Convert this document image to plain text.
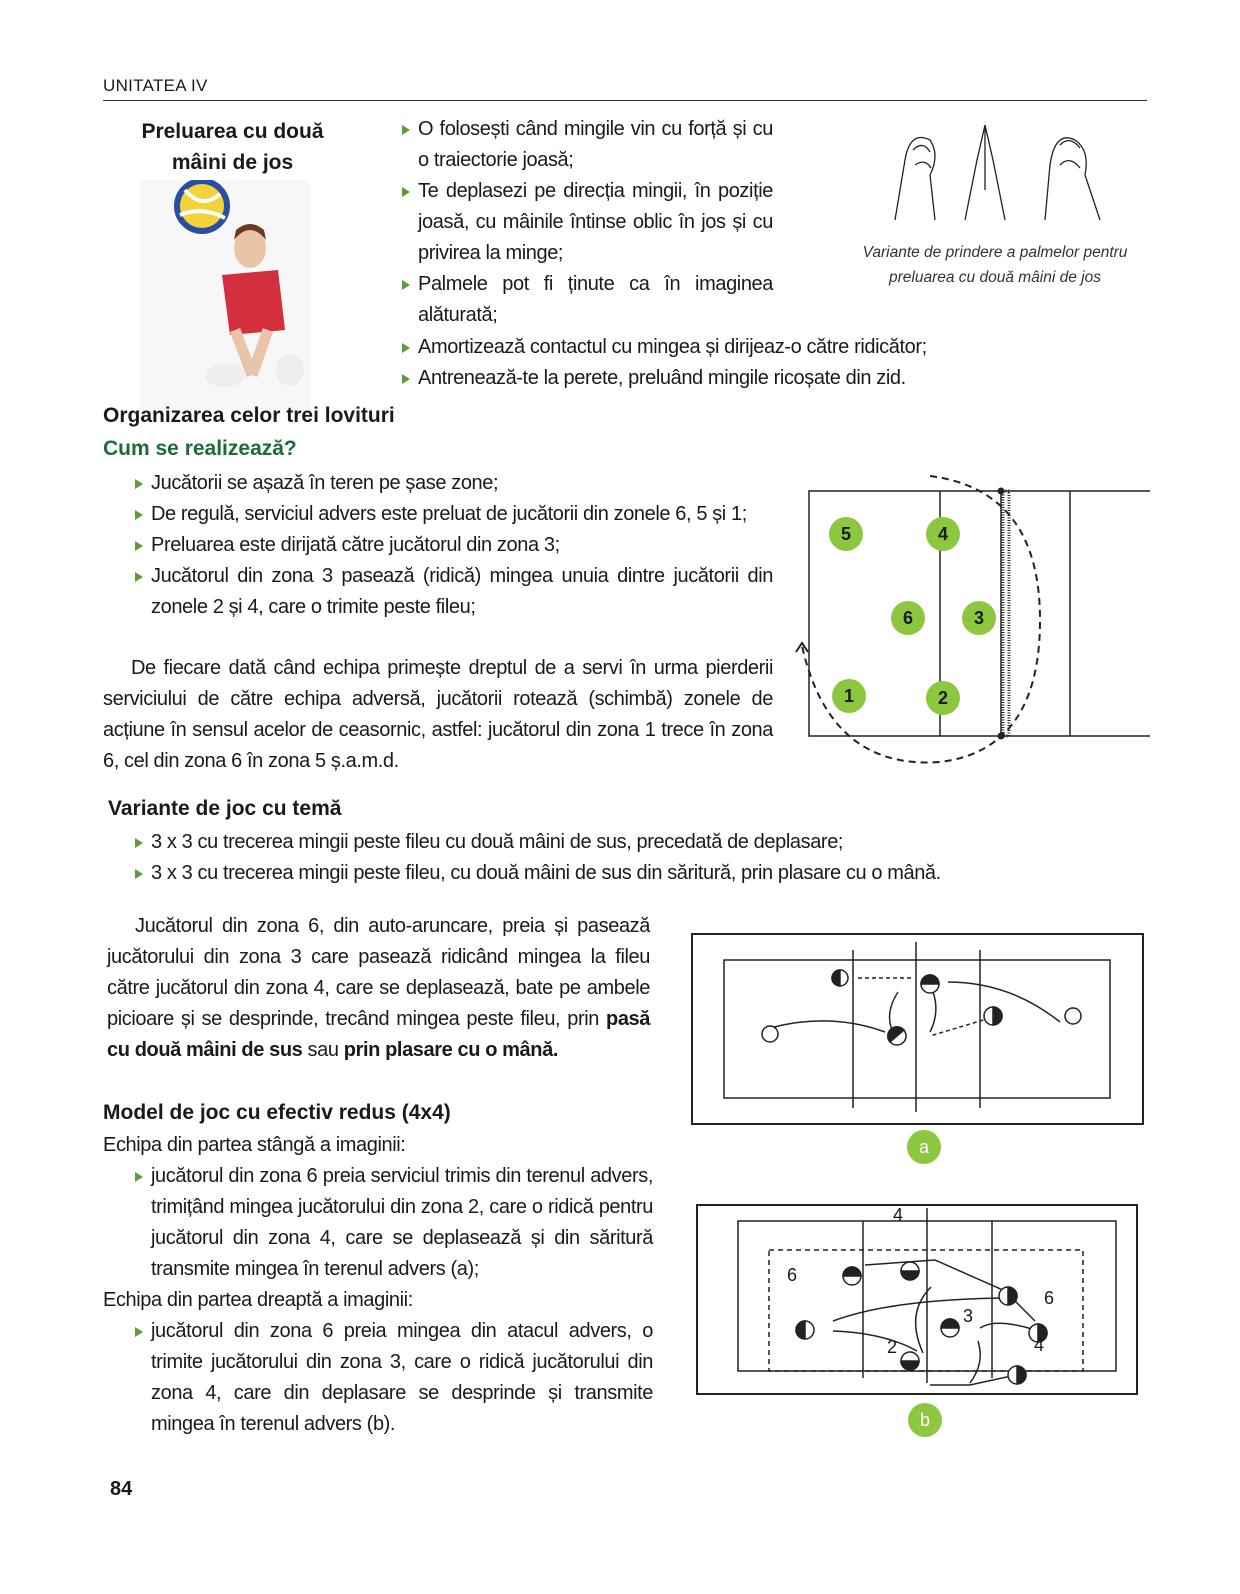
UNITATEA IV
Preluarea cu două
mâini de jos
O folosești când mingile vin cu forță și cu o traiectorie joasă;
Te deplasezi pe direcția mingii, în poziție joasă, cu mâinile întinse oblic în jos și cu privirea la minge;
Palmele pot fi ținute ca în imaginea alăturată;
Amortizează contactul cu mingea și dirijeaz-o către ridicător;
Antrenează-te la perete, preluând mingile ricoșate din zid.
Variante de prindere a palmelor pentru
preluarea cu două mâini de jos
Organizarea celor trei lovituri
Cum se realizează?
Jucătorii se așază în teren pe șase zone;
De regulă, serviciul advers este preluat de jucătorii din zonele 6, 5 și 1;
Preluarea este dirijată către jucătorul din zona 3;
Jucătorul din zona 3 pasează (ridică) mingea unuia dintre jucătorii din zonele 2 și 4, care o trimite peste fileu;
De fiecare dată când echipa primește dreptul de a servi în urma pierderii serviciului de către echipa adversă, jucătorii rotează (schimbă) zonele de acțiune în sensul acelor de ceasornic, astfel: jucătorul din zona 1 trece în zona 6, cel din zona 6 în zona 5 ș.a.m.d.
5	4
6	3
1	2
Variante de joc cu temă
3 x 3 cu trecerea mingii peste fileu cu două mâini de sus, precedată de deplasare;
3 x 3 cu trecerea mingii peste fileu, cu două mâini de sus din săritură, prin plasare cu o mână.
Jucătorul din zona 6, din auto-aruncare, preia și pasează jucătorului din zona 3 care pasează ridicând mingea la fileu către jucătorul din zona 4, care se deplasează, bate pe ambele picioare și se desprinde, trecând mingea peste fileu, prin pasă cu două mâini de sus sau prin plasare cu o mână.
Model de joc cu efectiv redus (4x4)
Echipa din partea stângă a imaginii:
jucătorul din zona 6 preia serviciul trimis din terenul advers, trimițând mingea jucătorului din zona 2, care o ridică pentru jucătorul din zona 4, care se deplasează și din săritură transmite mingea în terenul advers (a);
Echipa din partea dreaptă a imaginii:
jucătorul din zona 6 preia mingea din atacul advers, o trimite jucătorului din zona 3, care o ridică jucătorului din zona 4, care din deplasare se desprinde și transmite mingea în terenul advers (b).
a
4
6
2
3
6
4
b
84
